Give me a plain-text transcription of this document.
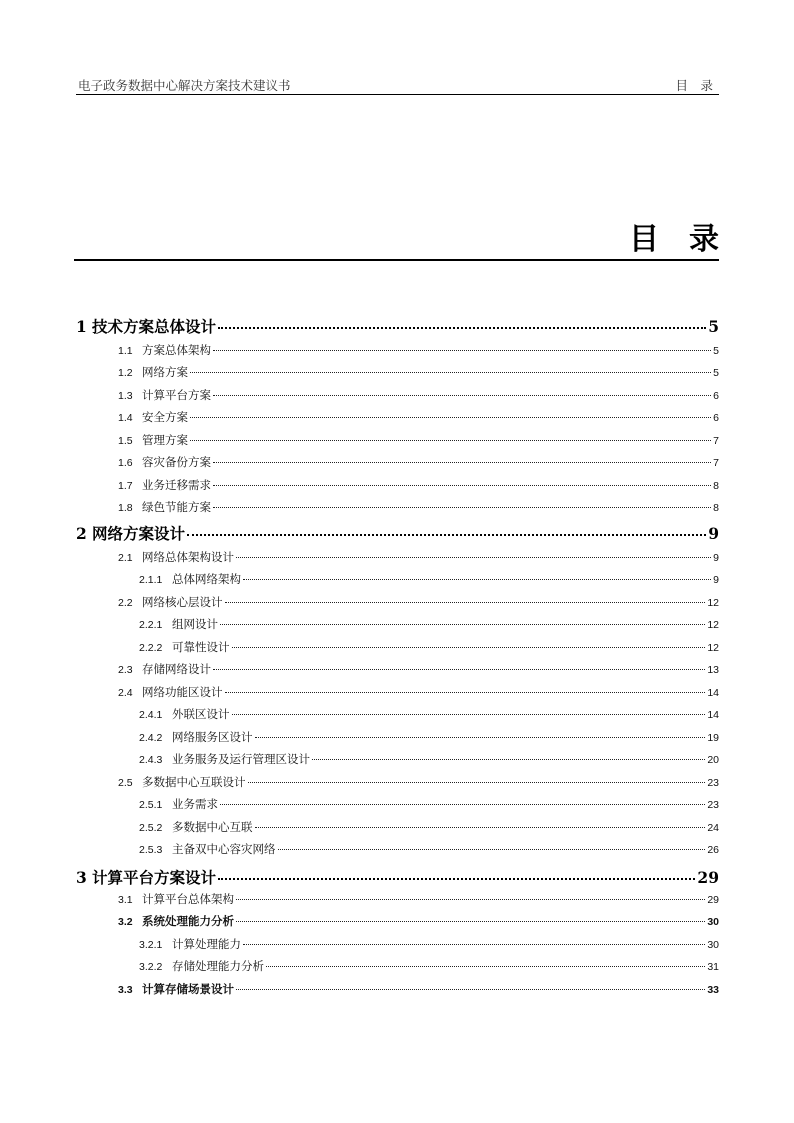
电子政务数据中心解决方案技术建议书	目　录
目　录
1 技术方案总体设计	5
1.1 方案总体架构	5
1.2 网络方案	5
1.3 计算平台方案	6
1.4 安全方案	6
1.5 管理方案	7
1.6 容灾备份方案	7
1.7 业务迁移需求	8
1.8 绿色节能方案	8
2 网络方案设计	9
2.1 网络总体架构设计	9
2.1.1 总体网络架构	9
2.2 网络核心层设计	12
2.2.1 组网设计	12
2.2.2 可靠性设计	12
2.3 存储网络设计	13
2.4 网络功能区设计	14
2.4.1 外联区设计	14
2.4.2 网络服务区设计	19
2.4.3 业务服务及运行管理区设计	20
2.5 多数据中心互联设计	23
2.5.1 业务需求	23
2.5.2 多数据中心互联	24
2.5.3 主备双中心容灾网络	26
3 计算平台方案设计	29
3.1 计算平台总体架构	29
3.2 系统处理能力分析	30
3.2.1 计算处理能力	30
3.2.2 存储处理能力分析	31
3.3 计算存储场景设计	33
